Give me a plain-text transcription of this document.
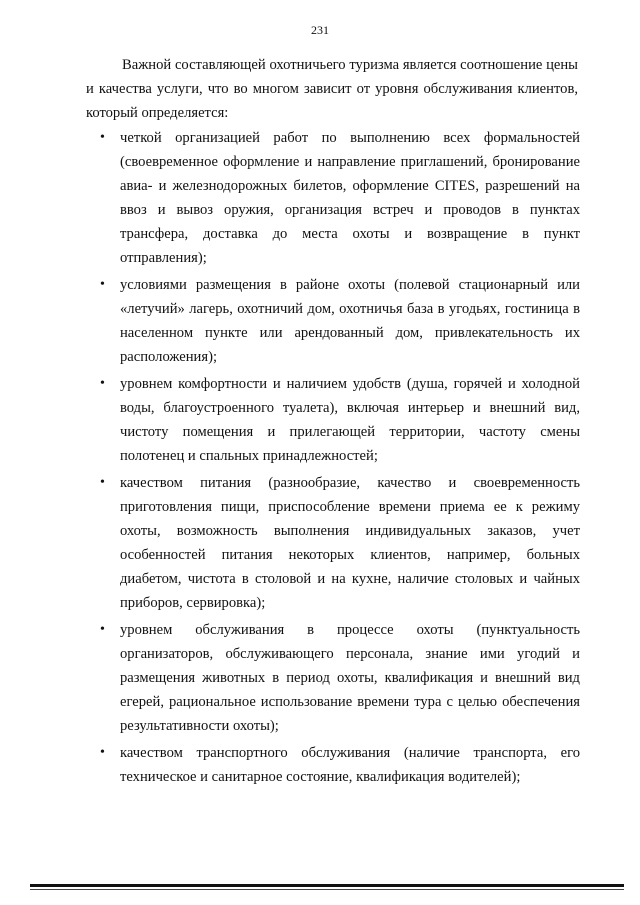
231

Важной составляющей охотничьего туризма является соотношение цены и качества услуги, что во многом зависит от уровня обслуживания клиентов, который определяется:

• четкой организацией работ по выполнению всех формальностей (своевременное оформление и направление приглашений, бронирование авиа- и железнодорожных билетов, оформление CITES, разрешений на ввоз и вывоз оружия, организация встреч и проводов в пунктах трансфера, доставка до места охоты и возвращение в пункт отправления);
• условиями размещения в районе охоты (полевой стационарный или «летучий» лагерь, охотничий дом, охотничья база в угодьях, гостиница в населенном пункте или арендованный дом, привлекательность их расположения);
• уровнем комфортности и наличием удобств (душа, горячей и холодной воды, благоустроенного туалета), включая интерьер и внешний вид, чистоту помещения и прилегающей территории, частоту смены полотенец и спальных принадлежностей;
• качеством питания (разнообразие, качество и своевременность приготовления пищи, приспособление времени приема ее к режиму охоты, возможность выполнения индивидуальных заказов, учет особенностей питания некоторых клиентов, например, больных диабетом, чистота в столовой и на кухне, наличие столовых и чайных приборов, сервировка);
• уровнем обслуживания в процессе охоты (пунктуальность организаторов, обслуживающего персонала, знание ими угодий и размещения животных в период охоты, квалификация и внешний вид егерей, рациональное использование времени тура с целью обеспечения результативности охоты);
• качеством транспортного обслуживания (наличие транспорта, его техническое и санитарное состояние, квалификация водителей);
